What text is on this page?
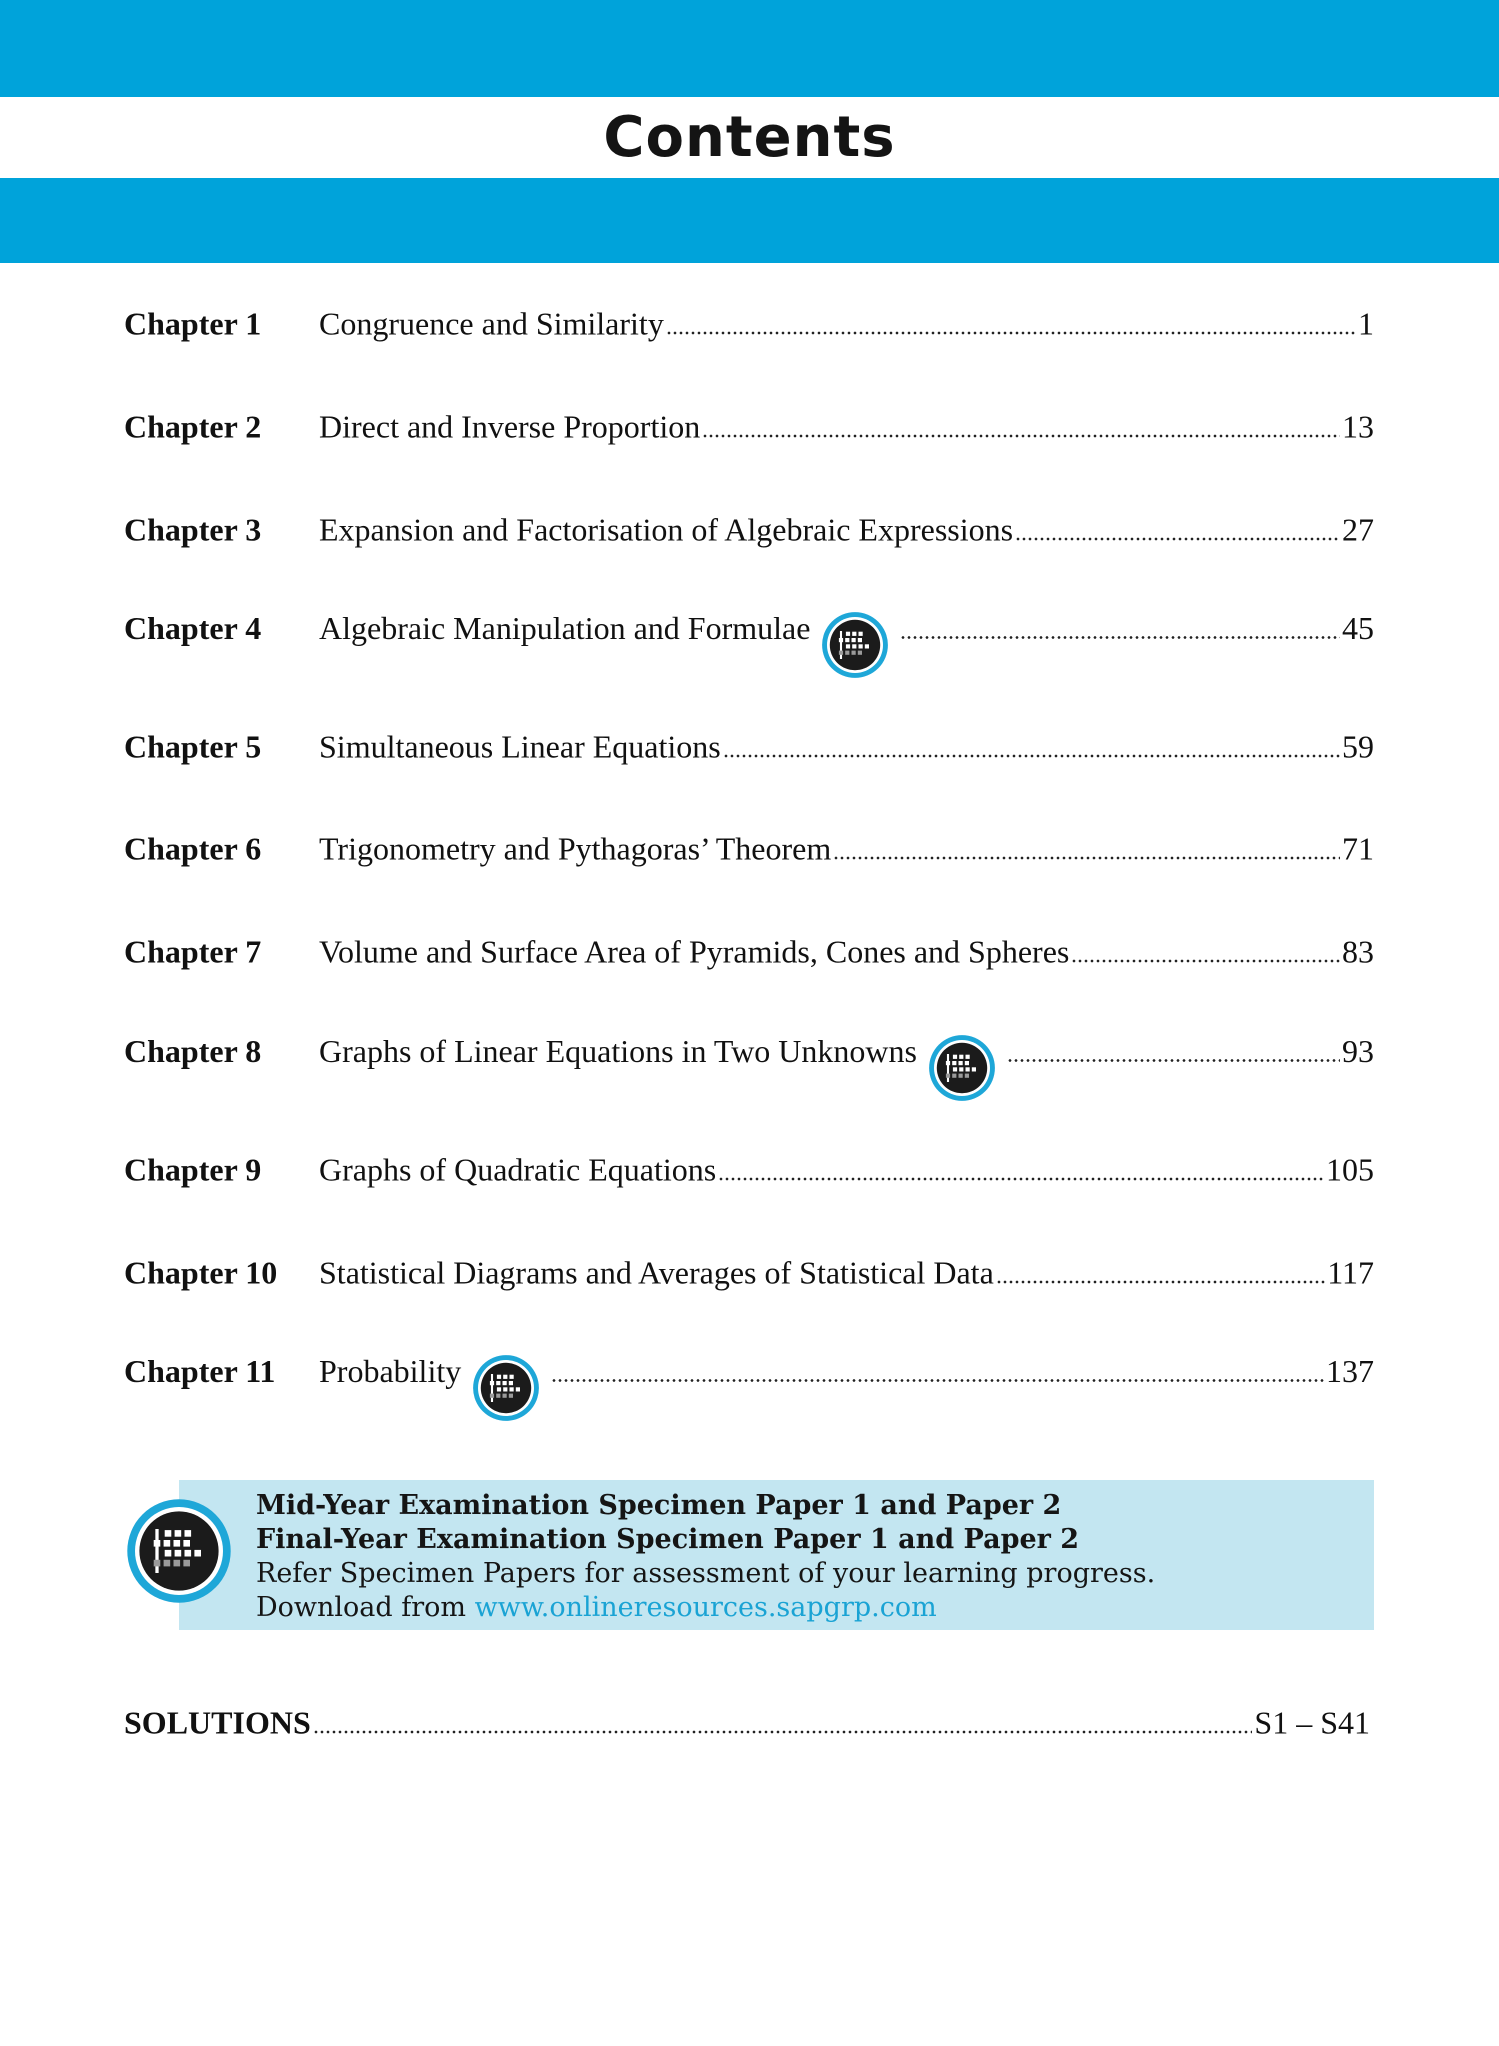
Contents
Chapter 1	Congruence and Similarity	1
Chapter 2	Direct and Inverse Proportion	13
Chapter 3	Expansion and Factorisation of Algebraic Expressions	27
Chapter 4	Algebraic Manipulation and Formulae	45
Chapter 5	Simultaneous Linear Equations	59
Chapter 6	Trigonometry and Pythagoras’ Theorem	71
Chapter 7	Volume and Surface Area of Pyramids, Cones and Spheres	83
Chapter 8	Graphs of Linear Equations in Two Unknowns	93
Chapter 9	Graphs of Quadratic Equations	105
Chapter 10	Statistical Diagrams and Averages of Statistical Data	117
Chapter 11	Probability	137
Mid-Year Examination Specimen Paper 1 and Paper 2
Final-Year Examination Specimen Paper 1 and Paper 2
Refer Specimen Papers for assessment of your learning progress.
Download from www.onlineresources.sapgrp.com
SOLUTIONS	S1 – S41
